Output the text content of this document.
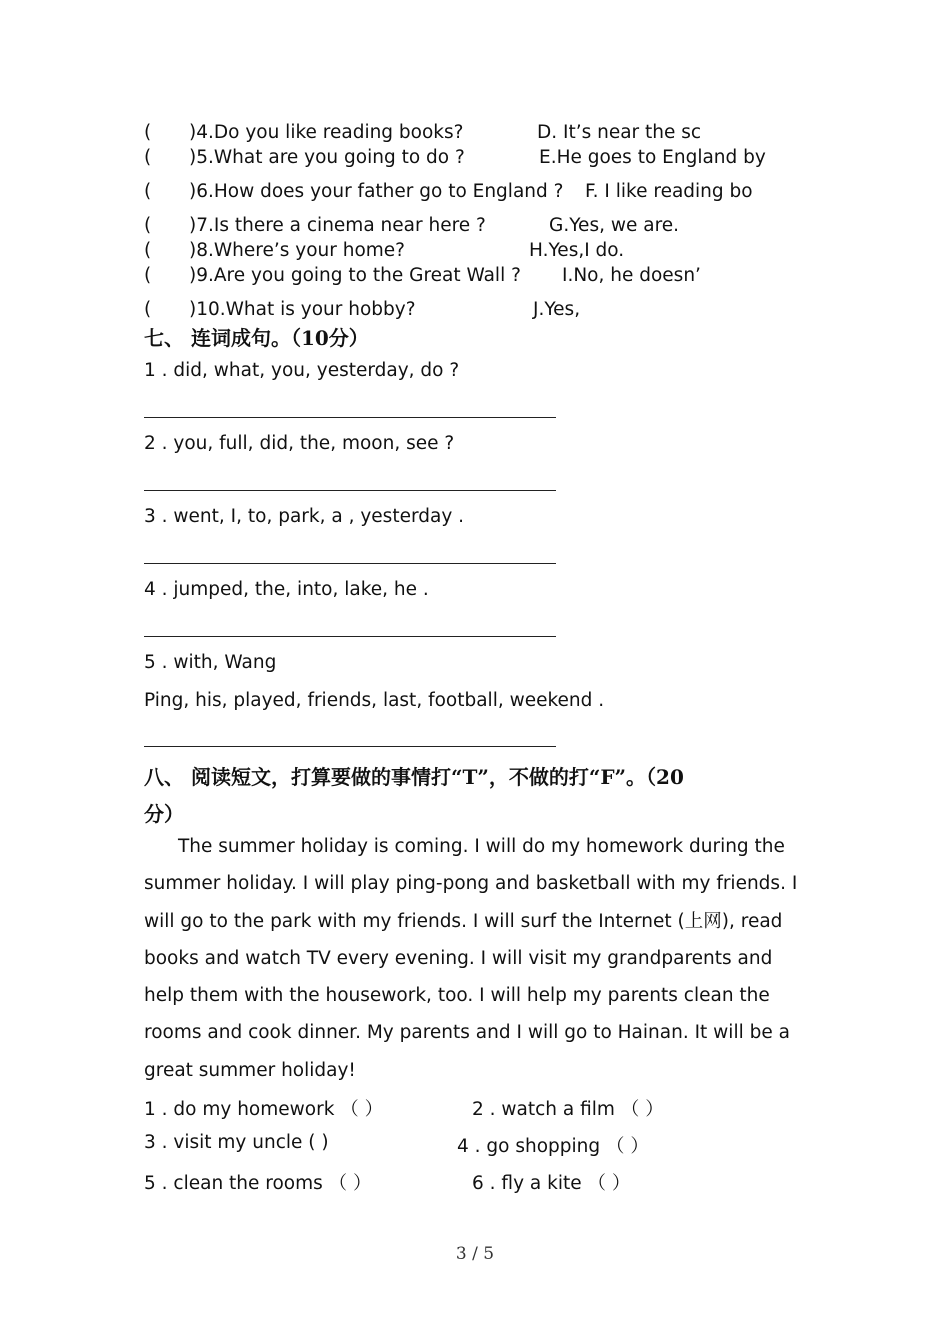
( )4.Do you like reading books?	D. It’s near the sc
( )5.What are you going to do ?	E.He goes to England by
( )6.How does your father go to England ? F. I like reading bo
( )7.Is there a cinema near here ?	G.Yes, we are.
( )8.Where’s your home?	H.Yes,I do.
( )9.Are you going to the Great Wall ? I.No, he doesn’
( )10.What is your hobby?	J.Yes,
七、 连词成句。（10分）
1 . did, what, you, yesterday, do ?
2 . you, full, did, the, moon, see ?
3 . went, I, to, park, a , yesterday .
4 . jumped, the, into, lake, he .
5 . with, Wang
Ping, his, played, friends, last, football, weekend .
八、 阅读短文，打算要做的事情打“T”，不做的打“F”。（20
分）
The summer holiday is coming. I will do my homework during the summer holiday. I will play ping-pong and basketball with my friends. I will go to the park with my friends. I will surf the Internet (上网), read books and watch TV every evening. I will visit my grandparents and help them with the housework, too. I will help my parents clean the rooms and cook dinner. My parents and I will go to Hainan. It will be a great summer holiday!
1 . do my homework （ ）	2 . watch a film （ ）
3 . visit my uncle ( )	4 . go shopping （ ）
5 . clean the rooms （ ）	6 . fly a kite （ ）
3 / 5
